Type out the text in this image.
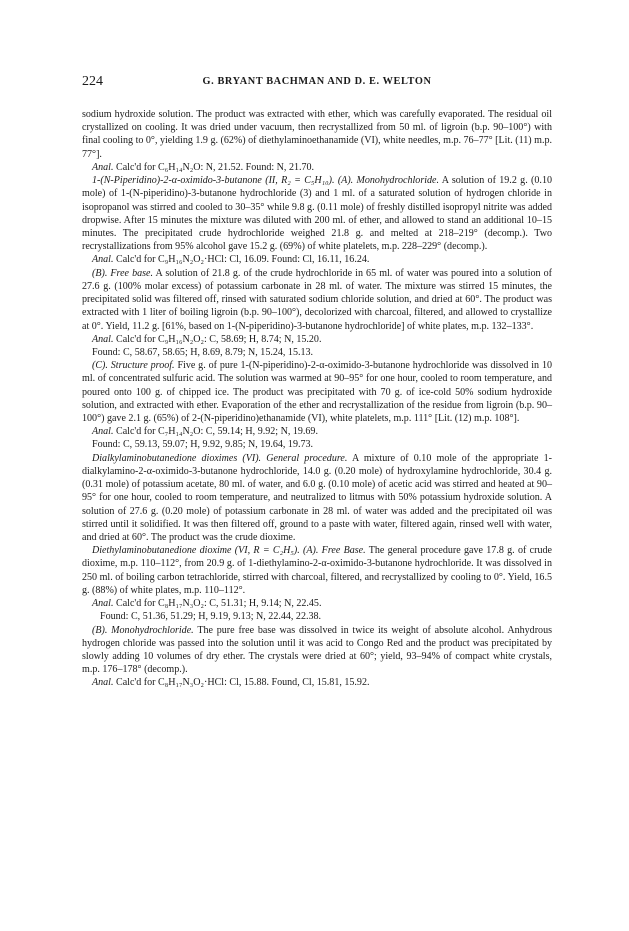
224	G. BRYANT BACHMAN AND D. E. WELTON

sodium hydroxide solution. The product was extracted with ether, which was carefully evaporated. The residual oil crystallized on cooling. It was dried under vacuum, then recrystallized from 50 ml. of ligroin (b.p. 90–100°) with final cooling to 0°, yielding 1.9 g. (62%) of diethylaminoethanamide (VI), white needles, m.p. 76–77° [Lit. (11) m.p. 77°].

Anal. Calc'd for C₆H₁₄N₂O: N, 21.52. Found: N, 21.70.

1-(N-Piperidino)-2-α-oximido-3-butanone (II, R₂ = C₅H₁₀). (A). Monohydrochloride. A solution of 19.2 g. (0.10 mole) of 1-(N-piperidino)-3-butanone hydrochloride (3) and 1 ml. of a saturated solution of hydrogen chloride in isopropanol was stirred and cooled to 30–35° while 9.8 g. (0.11 mole) of freshly distilled isopropyl nitrite was added dropwise. After 15 minutes the mixture was diluted with 200 ml. of ether, and allowed to stand an additional 10–15 minutes. The precipitated crude hydrochloride weighed 21.8 g. and melted at 218–219° (decomp.). Two recrystallizations from 95% alcohol gave 15.2 g. (69%) of white platelets, m.p. 228–229° (decomp.).

Anal. Calc'd for C₉H₁₆N₂O₂·HCl: Cl, 16.09. Found: Cl, 16.11, 16.24.

(B). Free base. A solution of 21.8 g. of the crude hydrochloride in 65 ml. of water was poured into a solution of 27.6 g. (100% molar excess) of potassium carbonate in 28 ml. of water. The mixture was stirred 15 minutes, the precipitated solid was filtered off, rinsed with saturated sodium chloride solution, and dried at 60°. The product was extracted with 1 liter of boiling ligroin (b.p. 90–100°), decolorized with charcoal, filtered, and allowed to crystallize at 0°. Yield, 11.2 g. [61%, based on 1-(N-piperidino)-3-butanone hydrochloride] of white plates, m.p. 132–133°.

Anal. Calc'd for C₉H₁₆N₂O₂: C, 58.69; H, 8.74; N, 15.20.

Found: C, 58.67, 58.65; H, 8.69, 8.79; N, 15.24, 15.13.

(C). Structure proof. Five g. of pure 1-(N-piperidino)-2-α-oximido-3-butanone hydrochloride was dissolved in 10 ml. of concentrated sulfuric acid. The solution was warmed at 90–95° for one hour, cooled to room temperature, and poured onto 100 g. of chipped ice. The product was precipitated with 70 g. of ice-cold 50% sodium hydroxide solution, and extracted with ether. Evaporation of the ether and recrystallization of the residue from ligroin (b.p. 90–100°) gave 2.1 g. (65%) of 2-(N-piperidino)ethanamide (VI), white platelets, m.p. 111° [Lit. (12) m.p. 108°].

Anal. Calc'd for C₇H₁₄N₂O: C, 59.14; H, 9.92; N, 19.69.

Found: C, 59.13, 59.07; H, 9.92, 9.85; N, 19.64, 19.73.

Dialkylaminobutanedione dioximes (VI). General procedure. A mixture of 0.10 mole of the appropriate 1-dialkylamino-2-α-oximido-3-butanone hydrochloride, 14.0 g. (0.20 mole) of hydroxylamine hydrochloride, 30.4 g. (0.31 mole) of potassium acetate, 80 ml. of water, and 6.0 g. (0.10 mole) of acetic acid was stirred and heated at 90–95° for one hour, cooled to room temperature, and neutralized to litmus with 50% potassium hydroxide solution. A solution of 27.6 g. (0.20 mole) of potassium carbonate in 28 ml. of water was added and the precipitated oil was stirred until it solidified. It was then filtered off, ground to a paste with water, filtered again, rinsed well with water, and dried at 60°. The product was the crude dioxime.

Diethylaminobutanedione dioxime (VI, R = C₂H₅). (A). Free Base. The general procedure gave 17.8 g. of crude dioxime, m.p. 110–112°, from 20.9 g. of 1-diethylamino-2-α-oximido-3-butanone hydrochloride. It was dissolved in 250 ml. of boiling carbon tetrachloride, stirred with charcoal, filtered, and recrystallized by cooling to 0°. Yield, 16.5 g. (88%) of white plates, m.p. 110–112°.

Anal. Calc'd for C₈H₁₇N₃O₂: C, 51.31; H, 9.14; N, 22.45.

Found: C, 51.36, 51.29; H, 9.19, 9.13; N, 22.44, 22.38.

(B). Monohydrochloride. The pure free base was dissolved in twice its weight of absolute alcohol. Anhydrous hydrogen chloride was passed into the solution until it was acid to Congo Red and the product was precipitated by slowly adding 10 volumes of dry ether. The crystals were dried at 60°; yield, 93–94% of compact white crystals, m.p. 176–178° (decomp.).

Anal. Calc'd for C₈H₁₇N₃O₂·HCl: Cl, 15.88. Found, Cl, 15.81, 15.92.
